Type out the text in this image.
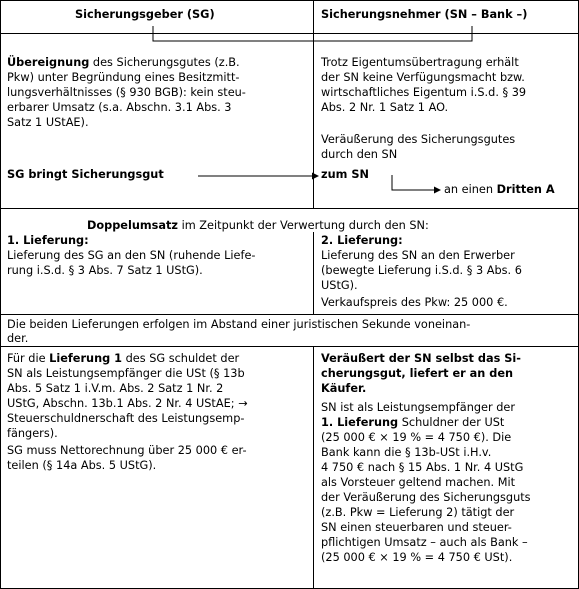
Sicherungsgeber (SG)	Sicherungsnehmer (SN – Bank –)
Übereignung des Sicherungsgutes (z.B.
Pkw) unter Begründung eines Besitzmitt-
lungsverhältnisses (§ 930 BGB): kein steu-
erbarer Umsatz (s.a. Abschn. 3.1 Abs. 3
Satz 1 UStAE).
Trotz Eigentumsübertragung erhält
der SN keine Verfügungsmacht bzw.
wirtschaftliches Eigentum i.S.d. § 39
Abs. 2 Nr. 1 Satz 1 AO.
Veräußerung des Sicherungsgutes
durch den SN
SG bringt Sicherungsgut	zum SN
an einen Dritten A
Doppelumsatz im Zeitpunkt der Verwertung durch den SN:
1. Lieferung:
Lieferung des SG an den SN (ruhende Liefe-
rung i.S.d. § 3 Abs. 7 Satz 1 UStG).
2. Lieferung:
Lieferung des SN an den Erwerber
(bewegte Lieferung i.S.d. § 3 Abs. 6
UStG).
Verkaufspreis des Pkw: 25 000 €.
Die beiden Lieferungen erfolgen im Abstand einer juristischen Sekunde voneinan-
der.
Für die Lieferung 1 des SG schuldet der
SN als Leistungsempfänger die USt (§ 13b
Abs. 5 Satz 1 i.V.m. Abs. 2 Satz 1 Nr. 2
UStG, Abschn. 13b.1 Abs. 2 Nr. 4 UStAE; →
Steuerschuldnerschaft des Leistungsemp-
fängers).
SG muss Nettorechnung über 25 000 € er-
teilen (§ 14a Abs. 5 UStG).
Veräußert der SN selbst das Si-
cherungsgut, liefert er an den
Käufer.
SN ist als Leistungsempfänger der
1. Lieferung Schuldner der USt
(25 000 € × 19 % = 4 750 €). Die
Bank kann die § 13b-USt i.H.v.
4 750 € nach § 15 Abs. 1 Nr. 4 UStG
als Vorsteuer geltend machen. Mit
der Veräußerung des Sicherungsguts
(z.B. Pkw = Lieferung 2) tätigt der
SN einen steuerbaren und steuer-
pflichtigen Umsatz – auch als Bank –
(25 000 € × 19 % = 4 750 € USt).
